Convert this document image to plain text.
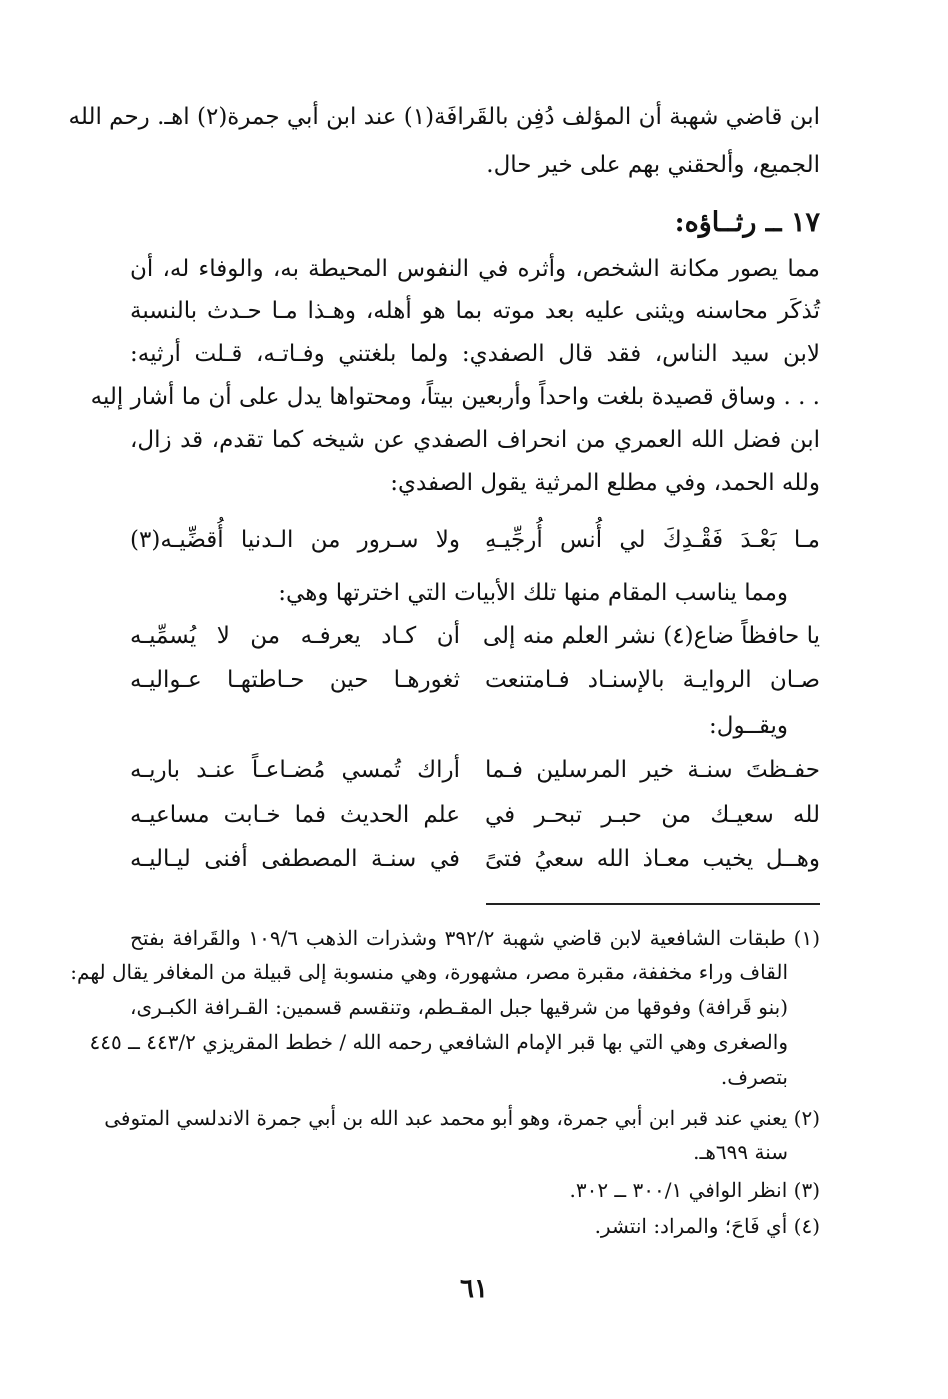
ابن قاضي شهبة أن المؤلف دُفِن بالقَرافَة(١) عند ابن أبي جمرة(٢) اهـ. رحم الله
الجميع، وألحقني بهم على خير حال.
١٧ ــ رثــاؤه:
مما يصور مكانة الشخص، وأثره في النفوس المحيطة به، والوفاء له، أن
تُذكَر محاسنه ويثنى عليه بعد موته بما هو أهله، وهـذا مـا حـدث بالنسبة
لابن سيد الناس، فقد قال الصفدي: ولما بلغتني وفـاتـه، قـلت أرثيه:
. . . وساق قصيدة بلغت واحداً وأربعين بيتاً، ومحتواها يدل على أن ما أشار إليه
ابن فضل الله العمري من انحراف الصفدي عن شيخه كما تقدم، قد زال،
ولله الحمد، وفي مطلع المرثية يقول الصفدي:
مـا بَعْـدَ فَقْـدِكَ لي أُنس أُرجِّيـهِ
ولا سـرور من الـدنيا أُقضِّيـه(٣)
ومما يناسب المقام منها تلك الأبيات التي اخترتها وهي:
يا حافظاً ضاع(٤) نشر العلم منه إلى
أن كـاد يعرفـه من لا يُسمِّيـه
صـان الروايـة بالإسنـاد فـامتنعت
ثغورهـا حين حـاطتهـا عـواليـه
ويقــول:
حفـظتَ سنـة خير المرسلين فـما
أراك تُمسي مُضـاعـاً عنـد باريـه
لله سعيـك من حبـر تبحـر في
علم الحديث فما خـابت مساعيـه
وهــل يخيب معـاذ الله سعيُ فتىً
في سنـة المصطفى أفنى ليـاليـه
(١) طبقات الشافعية لابن قاضي شهبة ٣٩٢/٢ وشذرات الذهب ١٠٩/٦ والقَرافة بفتح
القاف وراء مخففة، مقبرة مصر، مشهورة، وهي منسوبة إلى قبيلة من المغافر يقال لهم:
(بنو قَرافة) وفوقها من شرقيها جبل المقـطم، وتنقسم قسمين: القـرافة الكبـرى،
والصغرى وهي التي بها قبر الإمام الشافعي رحمه الله / خطط المقريزي ٤٤٣/٢ ــ ٤٤٥
بتصرف.
(٢) يعني عند قبر ابن أبي جمرة، وهو أبو محمد عبد الله بن أبي جمرة الاندلسي المتوفى
سنة ٦٩٩هـ.
(٣) انظر الوافي ٣٠٠/١ ــ ٣٠٢.
(٤) أي فَاحَ؛ والمراد: انتشر.
٦١
